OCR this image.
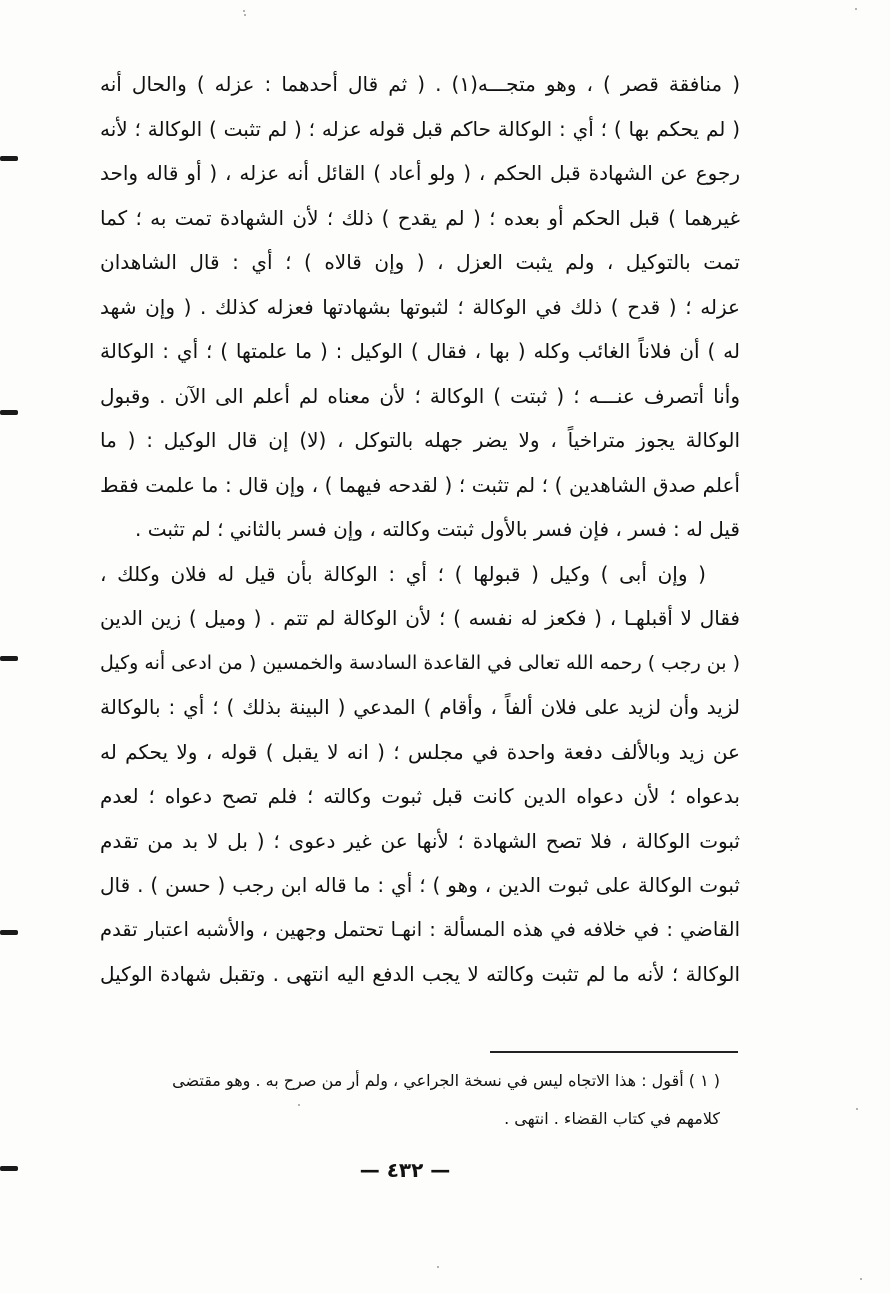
( منافقة قصر ) ، وهو متجـــه(١) . ( ثم قال أحدهما : عزله ) والحال أنه
( لم يحكم بها ) ؛ أي : الوكالة حاكم قبل قوله عزله ؛ ( لم تثبت ) الوكالة ؛ لأنه
رجوع عن الشهادة قبل الحكم ، ( ولو أعاد ) القائل أنه عزله ، ( أو قاله واحد
غيرهما ) قبل الحكم أو بعده ؛ ( لم يقدح ) ذلك ؛ لأن الشهادة تمت به ؛ كما
تمت بالتوكيل ، ولم يثبت العزل ، ( وإن قالاه ) ؛ أي : قال الشاهدان
عزله ؛ ( قدح ) ذلك في الوكالة ؛ لثبوتها بشهادتها فعزله كذلك . ( وإن شهد
له ) أن فلاناً الغائب وكله ( بها ، فقال ) الوكيل : ( ما علمتها ) ؛ أي : الوكالة
وأنا أتصرف عنـــه ؛ ( ثبتت ) الوكالة ؛ لأن معناه لم أعلم الى الآن . وقبول
الوكالة يجوز متراخياً ، ولا يضر جهله بالتوكل ، (لا) إن قال الوكيل : ( ما
أعلم صدق الشاهدين ) ؛ لم تثبت ؛ ( لقدحه فيهما ) ، وإن قال : ما علمت فقط
قيل له : فسر ، فإن فسر بالأول ثبتت وكالته ، وإن فسر بالثاني ؛ لم تثبت .
( وإن أبى ) وكيل ( قبولها ) ؛ أي : الوكالة بأن قيل له فلان وكلك ،
فقال لا أقبلهـا ، ( فكعز له نفسه ) ؛ لأن الوكالة لم تتم . ( وميل ) زين الدين
( بن رجب ) رحمه الله تعالى في القاعدة السادسة والخمسين ( من ادعى أنه وكيل
لزيد وأن لزيد على فلان ألفاً ، وأقام ) المدعي ( البينة بذلك ) ؛ أي : بالوكالة
عن زيد وبالألف دفعة واحدة في مجلس ؛ ( انه لا يقبل ) قوله ، ولا يحكم له
بدعواه ؛ لأن دعواه الدين كانت قبل ثبوت وكالته ؛ فلم تصح دعواه ؛ لعدم
ثبوت الوكالة ، فلا تصح الشهادة ؛ لأنها عن غير دعوى ؛ ( بل لا بد من تقدم
ثبوت الوكالة على ثبوت الدين ، وهو ) ؛ أي : ما قاله ابن رجب ( حسن ) . قال
القاضي : في خلافه في هذه المسألة : انهـا تحتمل وجهين ، والأشبه اعتبار تقدم
الوكالة ؛ لأنه ما لم تثبت وكالته لا يجب الدفع اليه انتهى . وتقبل شهادة الوكيل
( ١ ) أقول : هذا الاتجاه ليس في نسخة الجراعي ، ولم أر من صرح به . وهو مقتضى
كلامهم في كتاب القضاء . انتهى .
— ٤٣٢ —
